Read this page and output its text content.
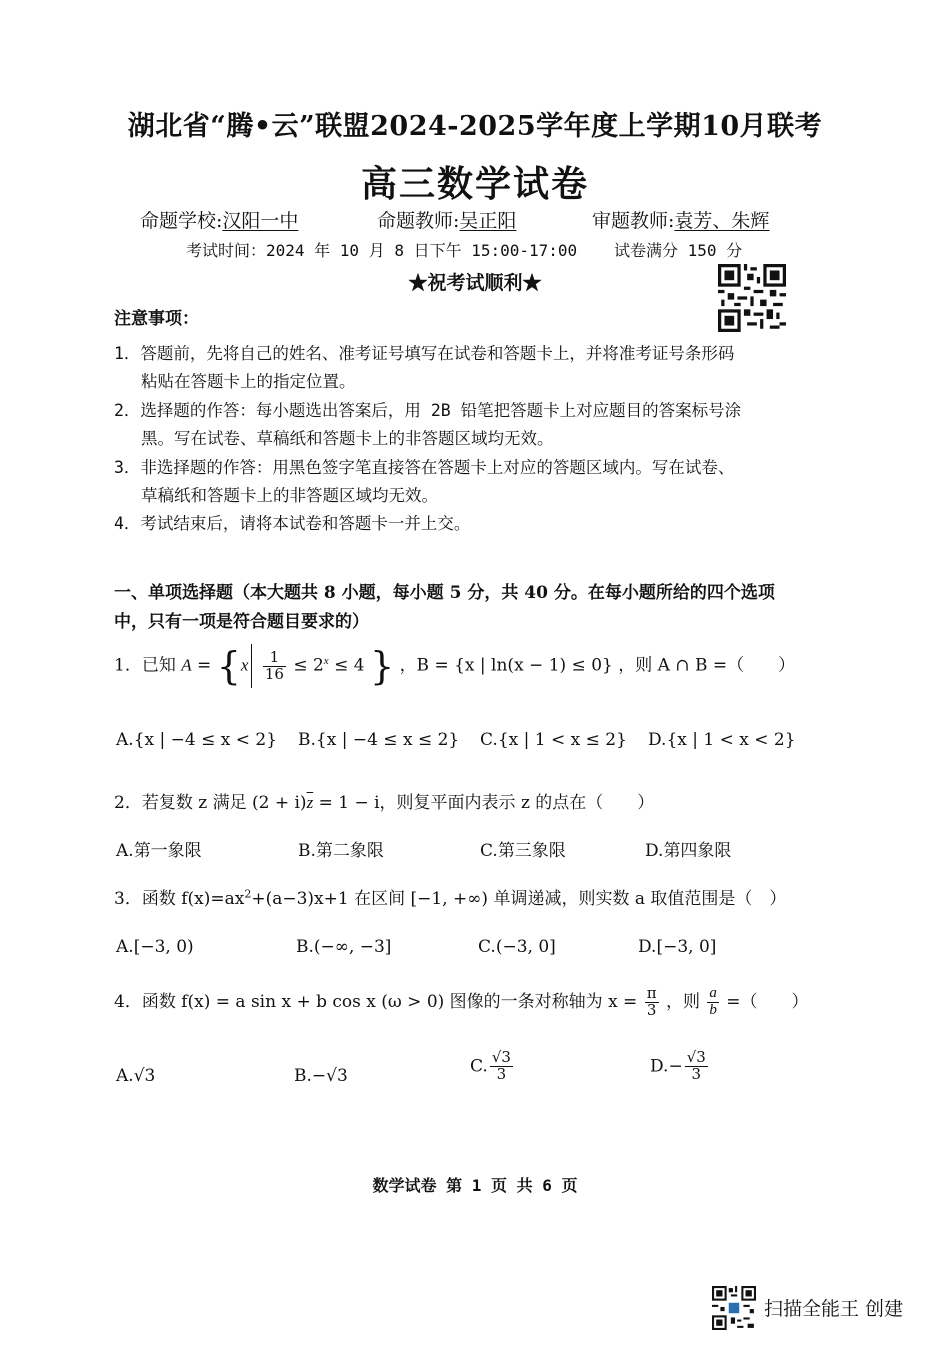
湖北省“腾•云”联盟2024-2025学年度上学期10月联考
高三数学试卷
命题学校:汉阳一中	命题教师:吴正阳	审题教师:袁芳、朱辉
考试时间：2024 年 10 月 8 日下午 15:00-17:00 试卷满分 150 分
★祝考试顺利★
注意事项：
1．答题前，先将自己的姓名、准考证号填写在试卷和答题卡上，并将准考证号条形码
粘贴在答题卡上的指定位置。
2．选择题的作答：每小题选出答案后，用 2B 铅笔把答题卡上对应题目的答案标号涂
黑。写在试卷、草稿纸和答题卡上的非答题区域均无效。
3．非选择题的作答：用黑色签字笔直接答在答题卡上对应的答题区域内。写在试卷、
草稿纸和答题卡上的非答题区域均无效。
4．考试结束后，请将本试卷和答题卡一并上交。
一、单项选择题（本大题共 8 小题，每小题 5 分，共 40 分。在每小题所给的四个选项
中，只有一项是符合题目要求的）
1．已知 $A = \{x \frac{1}{16} \le 2^x \le 4$ } ，B = {x | ln(x − 1) ≤ 0} ，则 A ∩ B =（　　）
A.{x | −4 ≤ x < 2} B.{x | −4 ≤ x ≤ 2} C.{x | 1 < x ≤ 2} D.{x | 1 < x < 2}
2．若复数 z 满足 $(2 + i)\overline{z} = 1 - i$，则复平面内表示 z 的点在（　　）
A.第一象限	B.第二象限	C.第三象限	D.第四象限
3．函数 $f(x)=ax^2+(a-3)x+1$ 在区间 [−1, +∞) 单调递减，则实数 a 取值范围是（　）
A.[−3, 0)	B.(−∞, −3]	C.(−3, 0]	D.[−3, 0]
4．函数 f(x) = a sin x + b cos x (ω > 0) 图像的一条对称轴为 $x = \frac{\pi}{3}$ ，则 $\frac{a}{b}$ =（　　）
A.√3	B.−√3	C. $\frac{√3}{3}$	$D.- \frac{√3}{3}$
数学试卷 第 1 页 共 6 页
扫描全能王 创建
